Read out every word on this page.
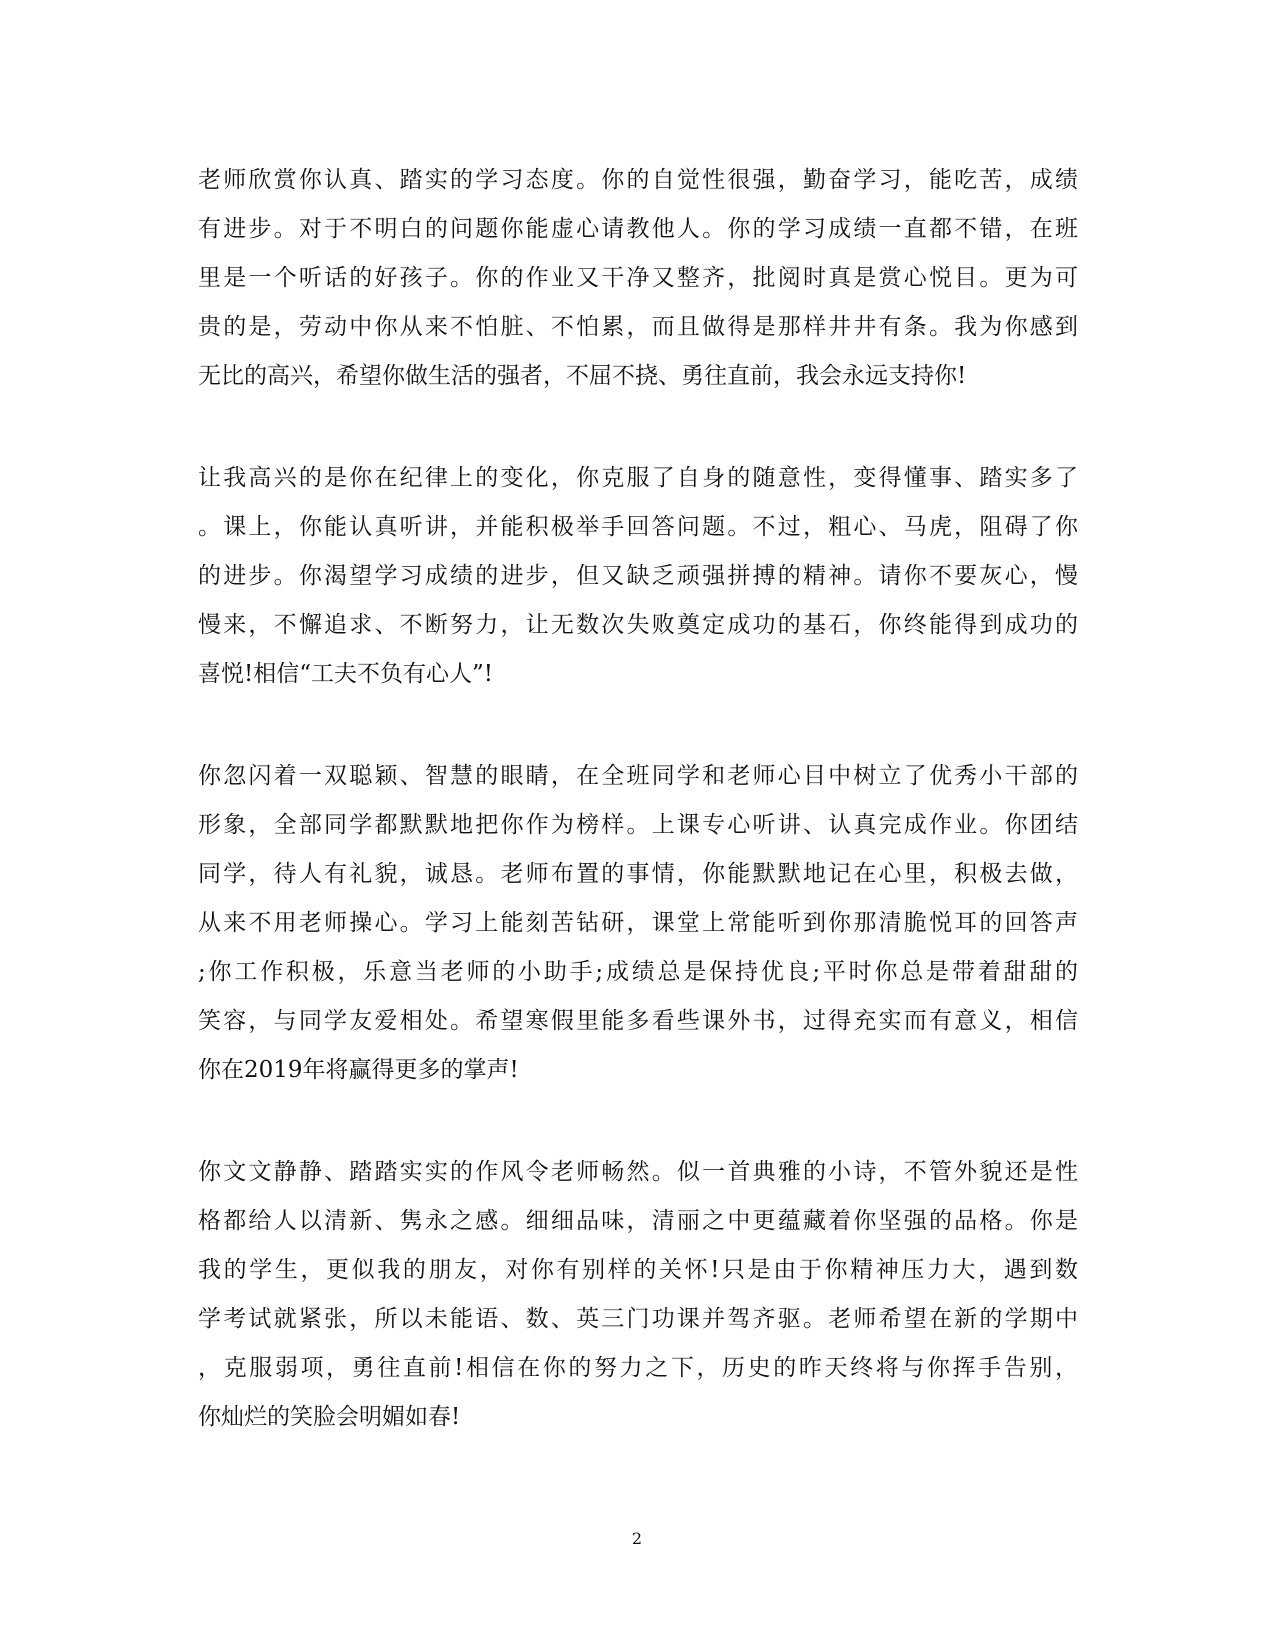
老师欣赏你认真、踏实的学习态度。你的自觉性很强，勤奋学习，能吃苦，成绩
有进步。对于不明白的问题你能虚心请教他人。你的学习成绩一直都不错，在班
里是一个听话的好孩子。你的作业又干净又整齐，批阅时真是赏心悦目。更为可
贵的是，劳动中你从来不怕脏、不怕累，而且做得是那样井井有条。我为你感到
无比的高兴，希望你做生活的强者，不屈不挠、勇往直前，我会永远支持你!
让我高兴的是你在纪律上的变化，你克服了自身的随意性，变得懂事、踏实多了
。课上，你能认真听讲，并能积极举手回答问题。不过，粗心、马虎，阻碍了你
的进步。你渴望学习成绩的进步，但又缺乏顽强拼搏的精神。请你不要灰心，慢
慢来，不懈追求、不断努力，让无数次失败奠定成功的基石，你终能得到成功的
喜悦!相信“工夫不负有心人”!
你忽闪着一双聪颖、智慧的眼睛，在全班同学和老师心目中树立了优秀小干部的
形象，全部同学都默默地把你作为榜样。上课专心听讲、认真完成作业。你团结
同学，待人有礼貌，诚恳。老师布置的事情，你能默默地记在心里，积极去做，
从来不用老师操心。学习上能刻苦钻研，课堂上常能听到你那清脆悦耳的回答声
;你工作积极，乐意当老师的小助手;成绩总是保持优良;平时你总是带着甜甜的
笑容，与同学友爱相处。希望寒假里能多看些课外书，过得充实而有意义，相信
你在2019年将赢得更多的掌声!
你文文静静、踏踏实实的作风令老师畅然。似一首典雅的小诗，不管外貌还是性
格都给人以清新、隽永之感。细细品味，清丽之中更蕴藏着你坚强的品格。你是
我的学生，更似我的朋友，对你有别样的关怀!只是由于你精神压力大，遇到数
学考试就紧张，所以未能语、数、英三门功课并驾齐驱。老师希望在新的学期中
，克服弱项，勇往直前!相信在你的努力之下，历史的昨天终将与你挥手告别，
你灿烂的笑脸会明媚如春!
2
